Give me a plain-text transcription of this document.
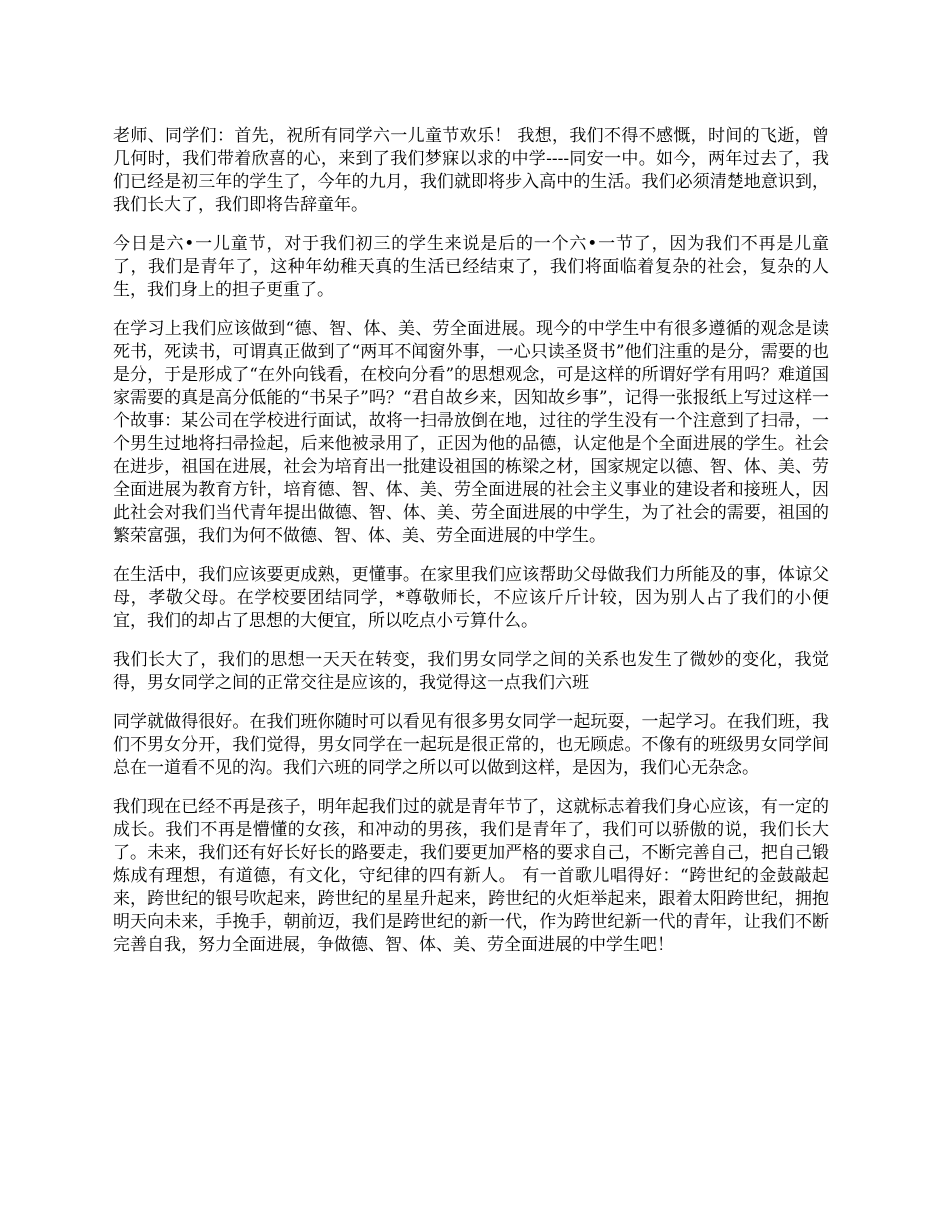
老师、同学们：首先，祝所有同学六一儿童节欢乐！ 我想，我们不得不感慨，时间的飞逝，曾几何时，我们带着欣喜的心，来到了我们梦寐以求的中学----同安一中。如今，两年过去了，我们已经是初三年的学生了，今年的九月，我们就即将步入高中的生活。我们必须清楚地意识到，我们长大了，我们即将告辞童年。

今日是六•一儿童节，对于我们初三的学生来说是后的一个六•一节了，因为我们不再是儿童了，我们是青年了，这种年幼稚天真的生活已经结束了，我们将面临着复杂的社会，复杂的人生，我们身上的担子更重了。

在学习上我们应该做到“德、智、体、美、劳全面进展。现今的中学生中有很多遵循的观念是读死书，死读书，可谓真正做到了“两耳不闻窗外事，一心只读圣贤书”他们注重的是分，需要的也是分，于是形成了“在外向钱看，在校向分看”的思想观念，可是这样的所谓好学有用吗？难道国家需要的真是高分低能的“书呆子”吗？“君自故乡来，因知故乡事”，记得一张报纸上写过这样一个故事：某公司在学校进行面试，故将一扫帚放倒在地，过往的学生没有一个注意到了扫帚，一个男生过地将扫帚捡起，后来他被录用了，正因为他的品德，认定他是个全面进展的学生。社会在进步，祖国在进展，社会为培育出一批建设祖国的栋梁之材，国家规定以德、智、体、美、劳全面进展为教育方针，培育德、智、体、美、劳全面进展的社会主义事业的建设者和接班人，因此社会对我们当代青年提出做德、智、体、美、劳全面进展的中学生，为了社会的需要，祖国的繁荣富强，我们为何不做德、智、体、美、劳全面进展的中学生。

在生活中，我们应该要更成熟，更懂事。在家里我们应该帮助父母做我们力所能及的事，体谅父母，孝敬父母。在学校要团结同学，*尊敬师长，不应该斤斤计较，因为别人占了我们的小便宜，我们的却占了思想的大便宜，所以吃点小亏算什么。

我们长大了，我们的思想一天天在转变，我们男女同学之间的关系也发生了微妙的变化，我觉得，男女同学之间的正常交往是应该的，我觉得这一点我们六班

同学就做得很好。在我们班你随时可以看见有很多男女同学一起玩耍，一起学习。在我们班，我们不男女分开，我们觉得，男女同学在一起玩是很正常的，也无顾虑。不像有的班级男女同学间总在一道看不见的沟。我们六班的同学之所以可以做到这样，是因为，我们心无杂念。

我们现在已经不再是孩子，明年起我们过的就是青年节了，这就标志着我们身心应该，有一定的成长。我们不再是懵懂的女孩，和冲动的男孩，我们是青年了，我们可以骄傲的说，我们长大了。未来，我们还有好长好长的路要走，我们要更加严格的要求自己，不断完善自己，把自己锻炼成有理想，有道德，有文化，守纪律的四有新人。 有一首歌儿唱得好：“跨世纪的金鼓敲起来，跨世纪的银号吹起来，跨世纪的星星升起来，跨世纪的火炬举起来，跟着太阳跨世纪，拥抱明天向未来，手挽手，朝前迈，我们是跨世纪的新一代，作为跨世纪新一代的青年，让我们不断完善自我，努力全面进展，争做德、智、体、美、劳全面进展的中学生吧！
